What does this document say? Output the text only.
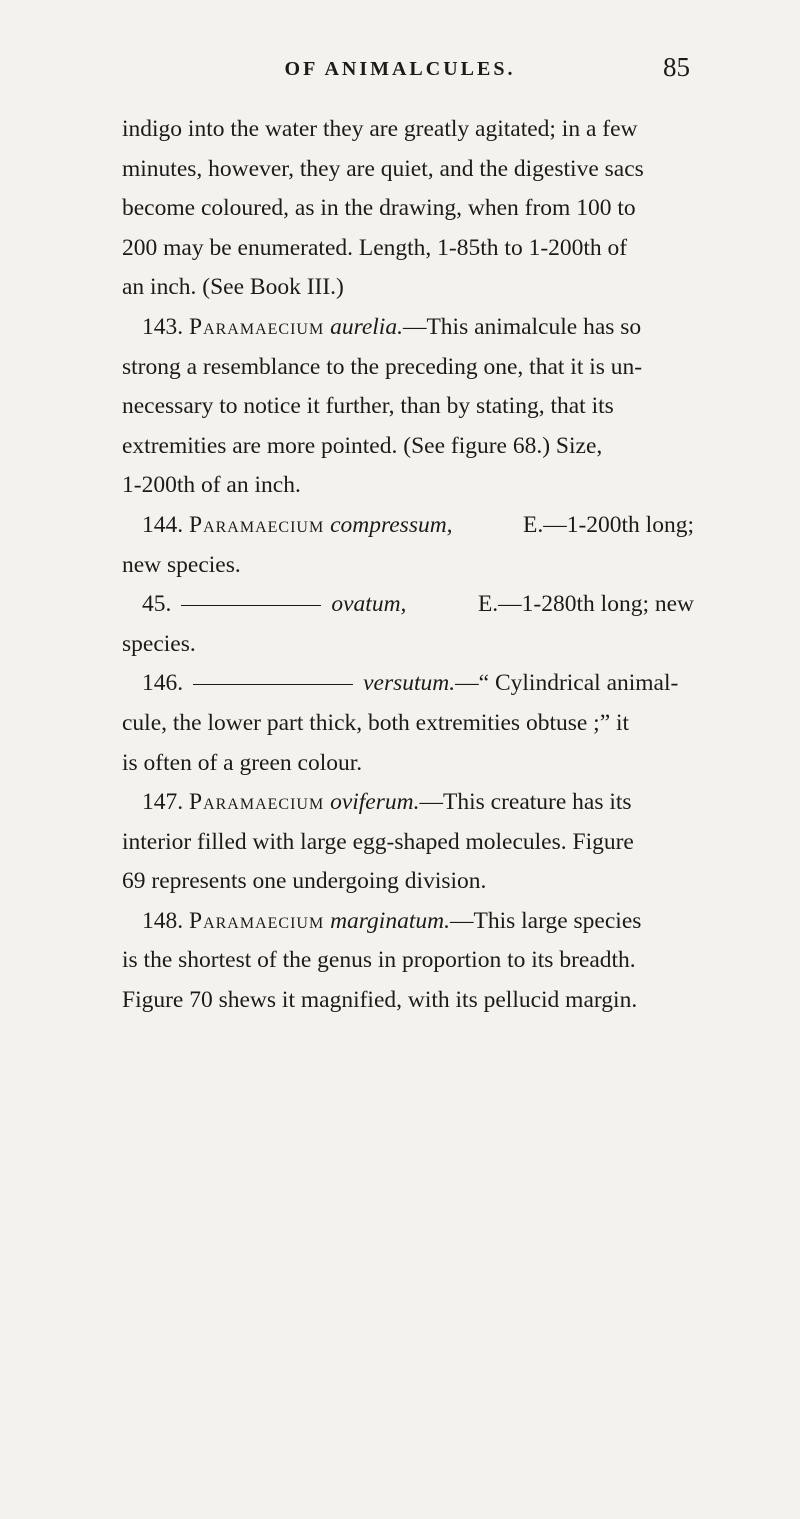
OF ANIMALCULES.	85
indigo into the water they are greatly agitated; in a few
minutes, however, they are quiet, and the digestive sacs
become coloured, as in the drawing, when from 100 to
200 may be enumerated. Length, 1-85th to 1-200th of
an inch. (See Book III.)
143. Paramaecium aurelia.—This animalcule has so
strong a resemblance to the preceding one, that it is un-
necessary to notice it further, than by stating, that its
extremities are more pointed. (See figure 68.) Size,
1-200th of an inch.
144. Paramaecium compressum,	E.—1-200th long;
new species.
45.	ovatum,	E.—1-280th long; new
species.
146.	versutum.—“ Cylindrical animal-
cule, the lower part thick, both extremities obtuse ;” it
is often of a green colour.
147. Paramaecium oviferum.—This creature has its
interior filled with large egg-shaped molecules. Figure
69 represents one undergoing division.
148. Paramaecium marginatum.—This large species
is the shortest of the genus in proportion to its breadth.
Figure 70 shews it magnified, with its pellucid margin.
